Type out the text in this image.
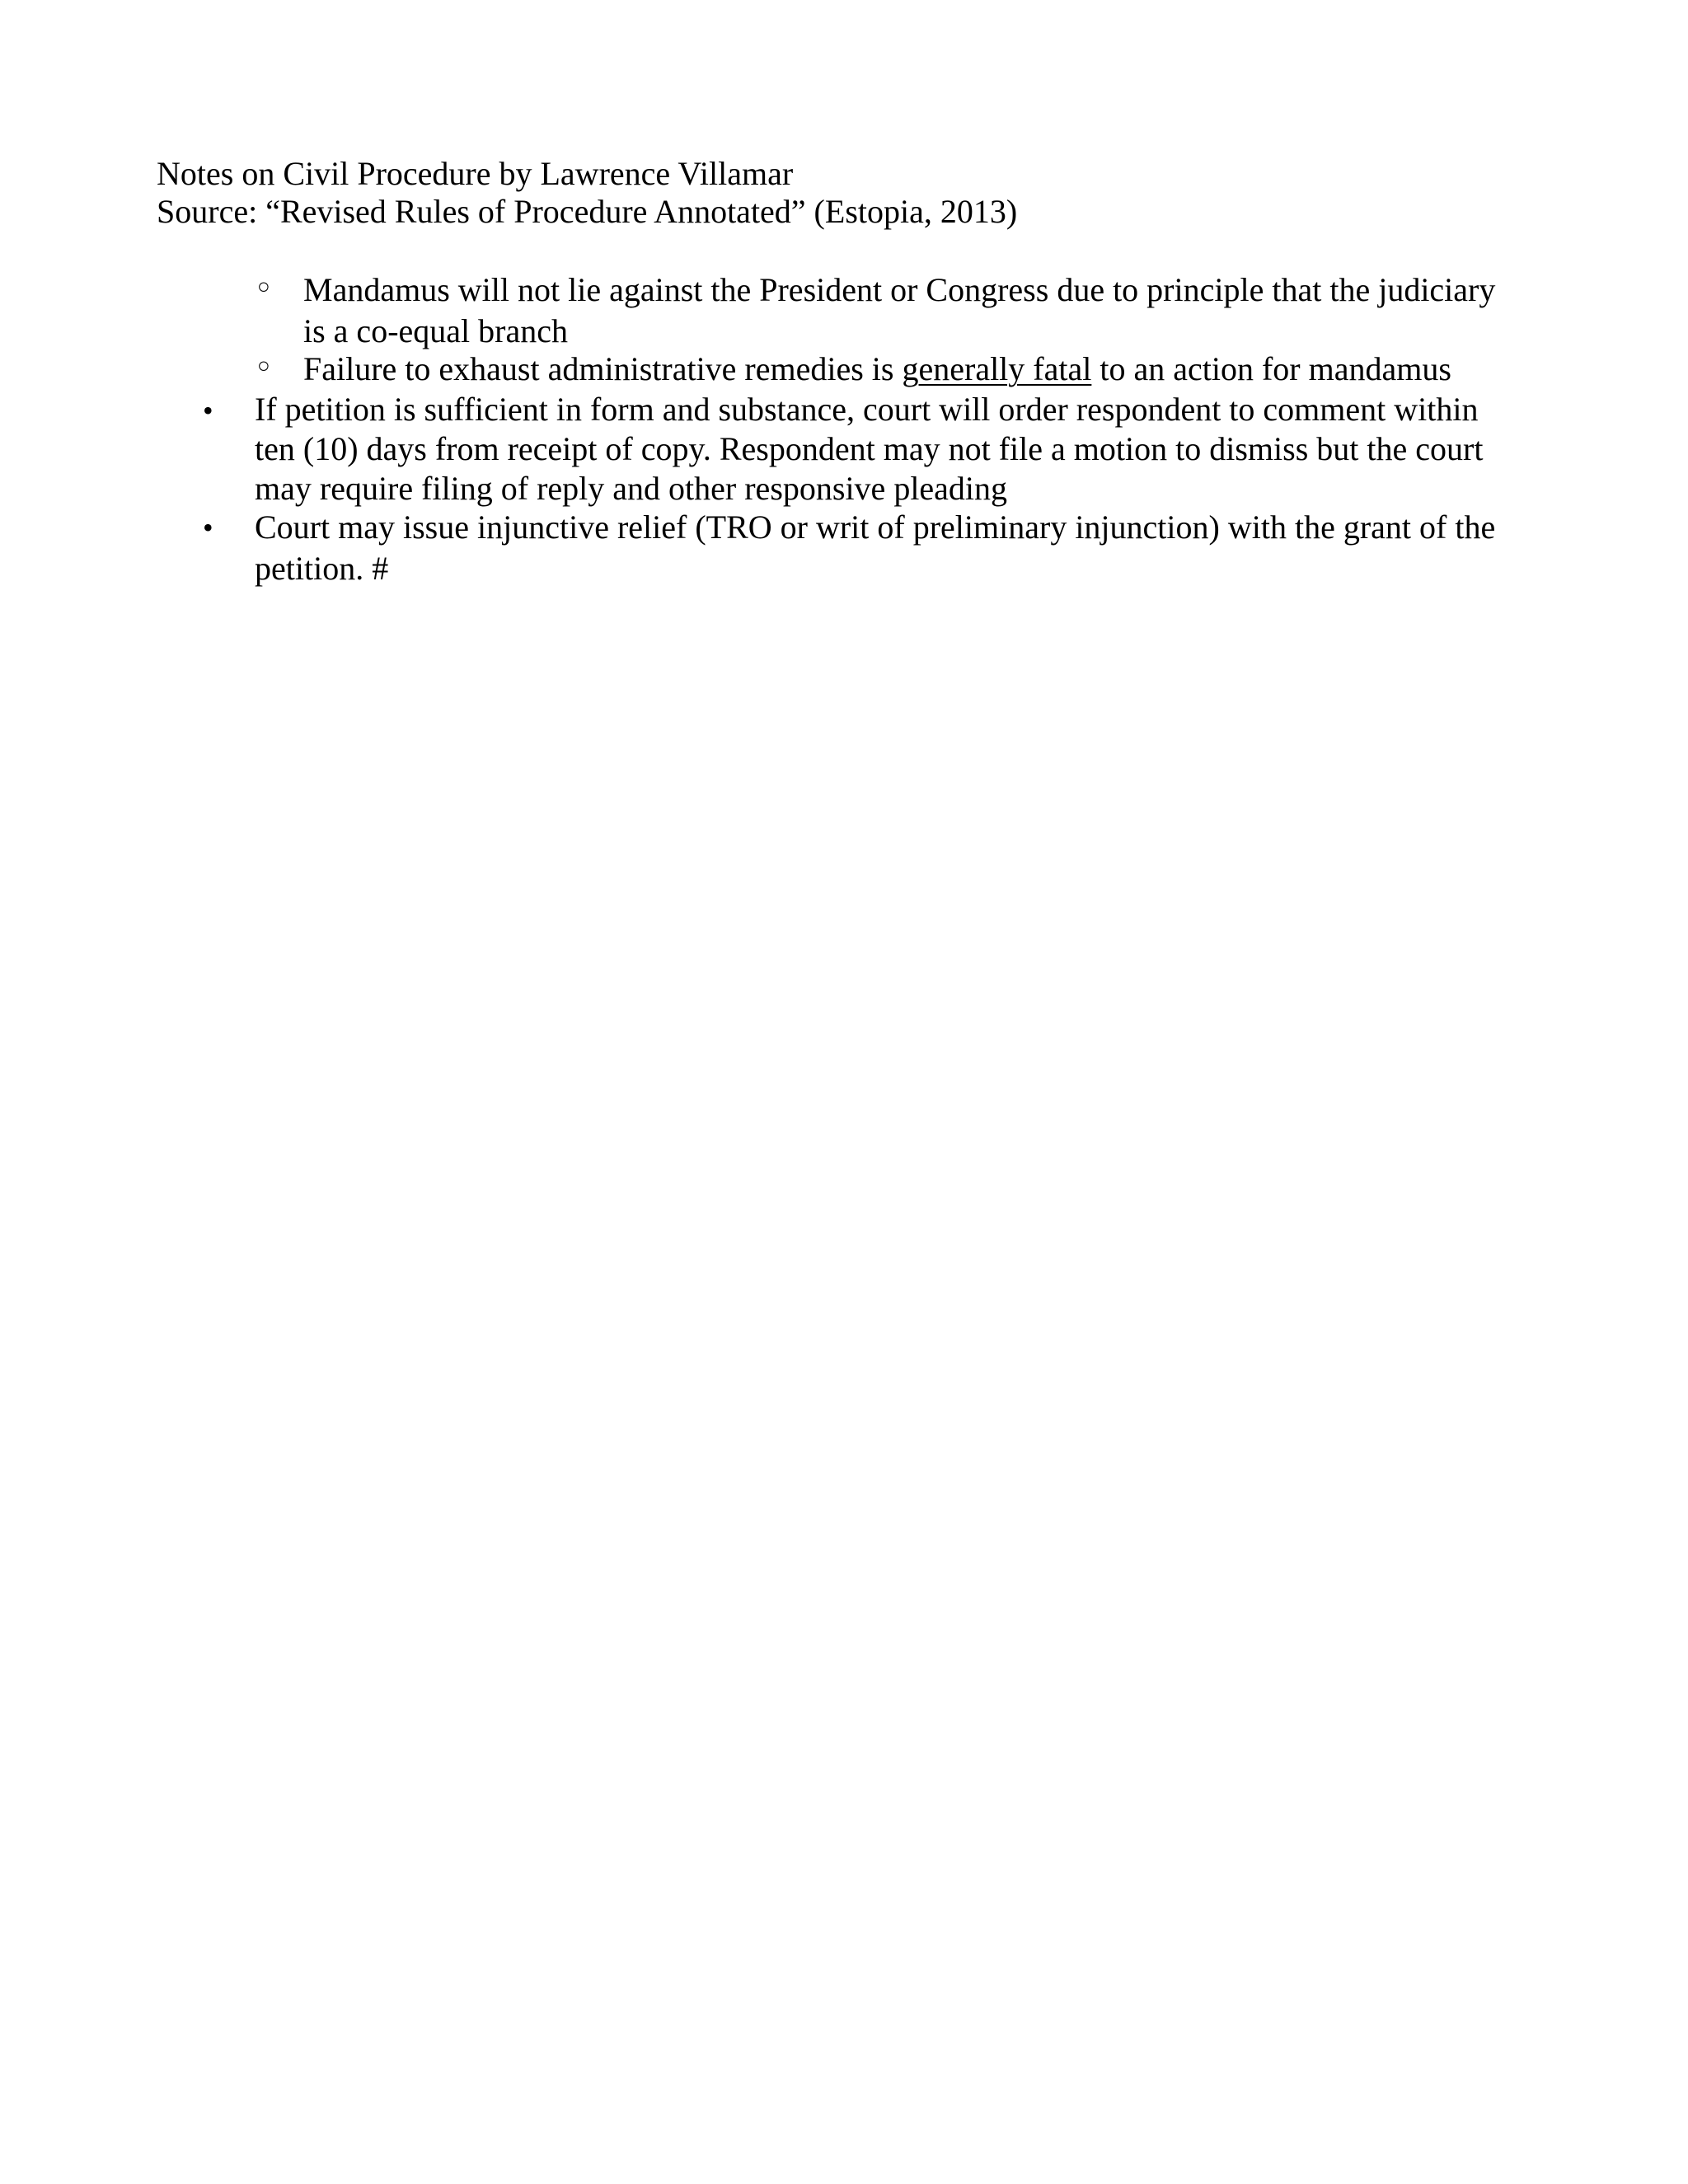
Notes on Civil Procedure by Lawrence Villamar
Source: “Revised Rules of Procedure Annotated” (Estopia, 2013)
○ Mandamus will not lie against the President or Congress due to principle that the judiciary is a co-equal branch
○ Failure to exhaust administrative remedies is generally fatal to an action for mandamus
• If petition is sufficient in form and substance, court will order respondent to comment within ten (10) days from receipt of copy. Respondent may not file a motion to dismiss but the court may require filing of reply and other responsive pleading
• Court may issue injunctive relief (TRO or writ of preliminary injunction) with the grant of the petition. #
